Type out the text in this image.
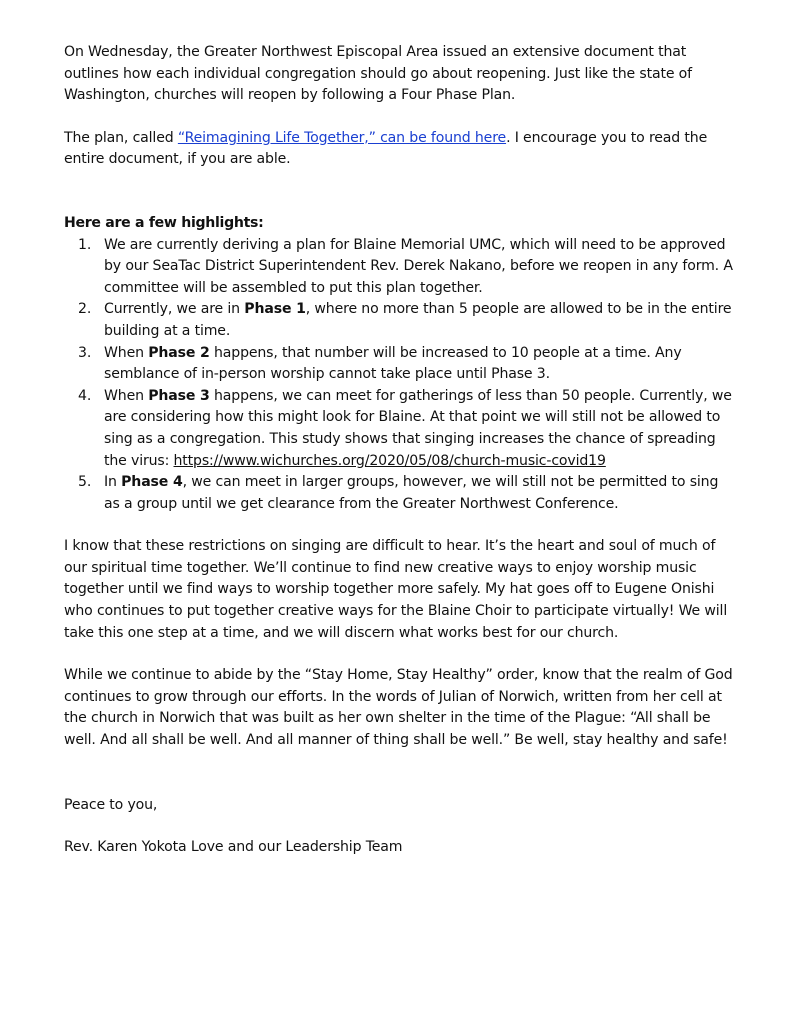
On Wednesday, the Greater Northwest Episcopal Area issued an extensive document that outlines how each individual congregation should go about reopening. Just like the state of Washington, churches will reopen by following a Four Phase Plan.

The plan, called “Reimagining Life Together,” can be found here. I encourage you to read the entire document, if you are able.

Here are a few highlights:

1. We are currently deriving a plan for Blaine Memorial UMC, which will need to be approved by our SeaTac District Superintendent Rev. Derek Nakano, before we reopen in any form. A committee will be assembled to put this plan together.
2. Currently, we are in Phase 1, where no more than 5 people are allowed to be in the entire building at a time.
3. When Phase 2 happens, that number will be increased to 10 people at a time. Any semblance of in-person worship cannot take place until Phase 3.
4. When Phase 3 happens, we can meet for gatherings of less than 50 people. Currently, we are considering how this might look for Blaine. At that point we will still not be allowed to sing as a congregation. This study shows that singing increases the chance of spreading the virus: https://www.wichurches.org/2020/05/08/church-music-covid19
5. In Phase 4, we can meet in larger groups, however, we will still not be permitted to sing as a group until we get clearance from the Greater Northwest Conference.

I know that these restrictions on singing are difficult to hear. It’s the heart and soul of much of our spiritual time together. We’ll continue to find new creative ways to enjoy worship music together until we find ways to worship together more safely. My hat goes off to Eugene Onishi who continues to put together creative ways for the Blaine Choir to participate virtually! We will take this one step at a time, and we will discern what works best for our church.

While we continue to abide by the “Stay Home, Stay Healthy” order, know that the realm of God continues to grow through our efforts. In the words of Julian of Norwich, written from her cell at the church in Norwich that was built as her own shelter in the time of the Plague: “All shall be well. And all shall be well. And all manner of thing shall be well.” Be well, stay healthy and safe!

Peace to you,

Rev. Karen Yokota Love and our Leadership Team
